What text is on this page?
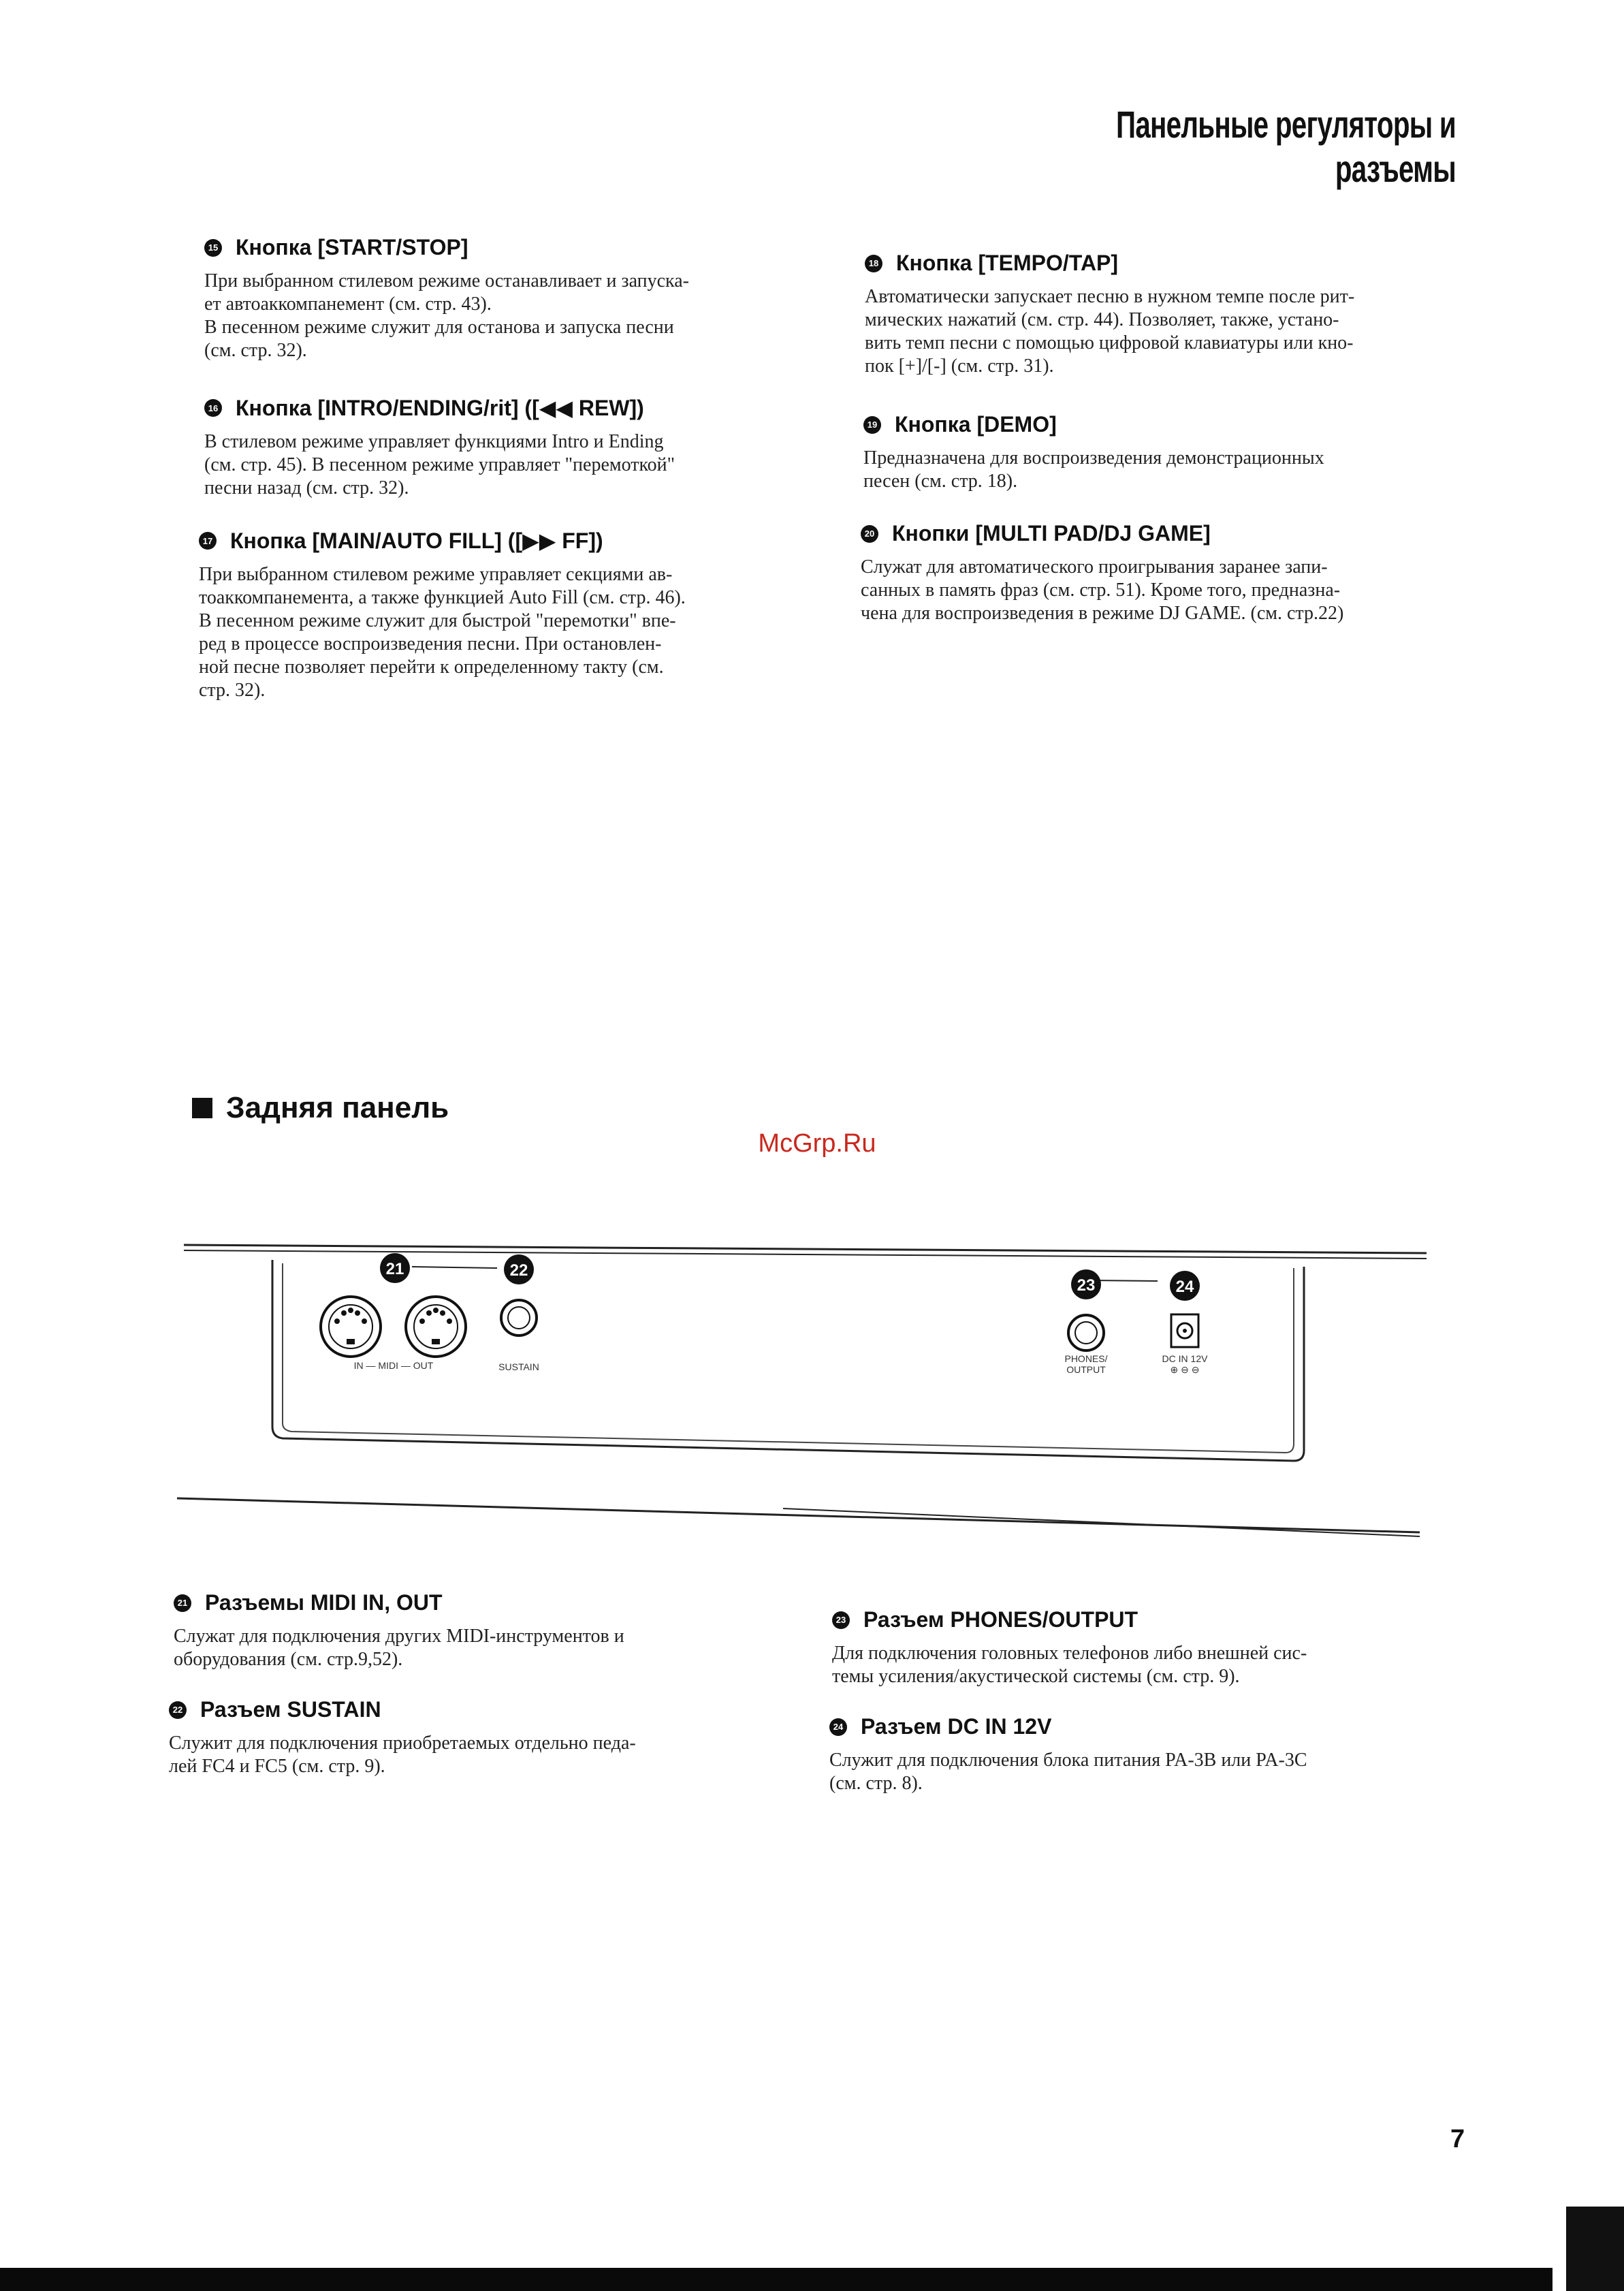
Панельные регуляторы и разъемы
15 Кнопка [START/STOP]

При выбранном стилевом режиме останавливает и запуска-
ет автоаккомпанемент (см. стр. 43).
В песенном режиме служит для останова и запуска песни
(см. стр. 32).

16 Кнопка [INTRO/ENDING/rit] ([◀◀ REW])

В стилевом режиме управляет функциями Intro и Ending
(см. стр. 45). В песенном режиме управляет "перемоткой"
песни назад (см. стр. 32).

17 Кнопка [MAIN/AUTO FILL] ([▶▶ FF])

При выбранном стилевом режиме управляет секциями ав-
тоаккомпанемента, а также функцией Auto Fill (см. стр. 46).
В песенном режиме служит для быстрой "перемотки" впе-
ред в процессе воспроизведения песни. При остановлен-
ной песне позволяет перейти к определенному такту (см.
стр. 32).

18 Кнопка [TEMPO/TAP]

Автоматически запускает песню в нужном темпе после рит-
мических нажатий (см. стр. 44). Позволяет, также, устано-
вить темп песни с помощью цифровой клавиатуры или кно-
пок [+]/[-] (см. стр. 31).

19 Кнопка [DEMO]

Предназначена для воспроизведения демонстрационных
песен (см. стр. 18).

20 Кнопки [MULTI PAD/DJ GAME]

Служат для автоматического проигрывания заранее запи-
санных в память фраз (см. стр. 51). Кроме того, предназна-
чена для воспроизведения в режиме DJ GAME. (см. стр.22)

Задняя панель
McGrp.Ru
21	22
23	24
IN — MIDI — OUT	SUSTAIN
PHONES/
OUTPUT
DC IN 12V
⊕ ⊖ ⊖
21 Разъемы MIDI IN, OUT

Служат для подключения других MIDI-инструментов и
оборудования (см. стр.9,52).

22 Разъем SUSTAIN

Служит для подключения приобретаемых отдельно педа-
лей FC4 и FC5 (см. стр. 9).

23 Разъем PHONES/OUTPUT

Для подключения головных телефонов либо внешней сис-
темы усиления/акустической системы (см. стр. 9).

24 Разъем DC IN 12V

Служит для подключения блока питания PA-3B или PA-3C
(см. стр. 8).

7
